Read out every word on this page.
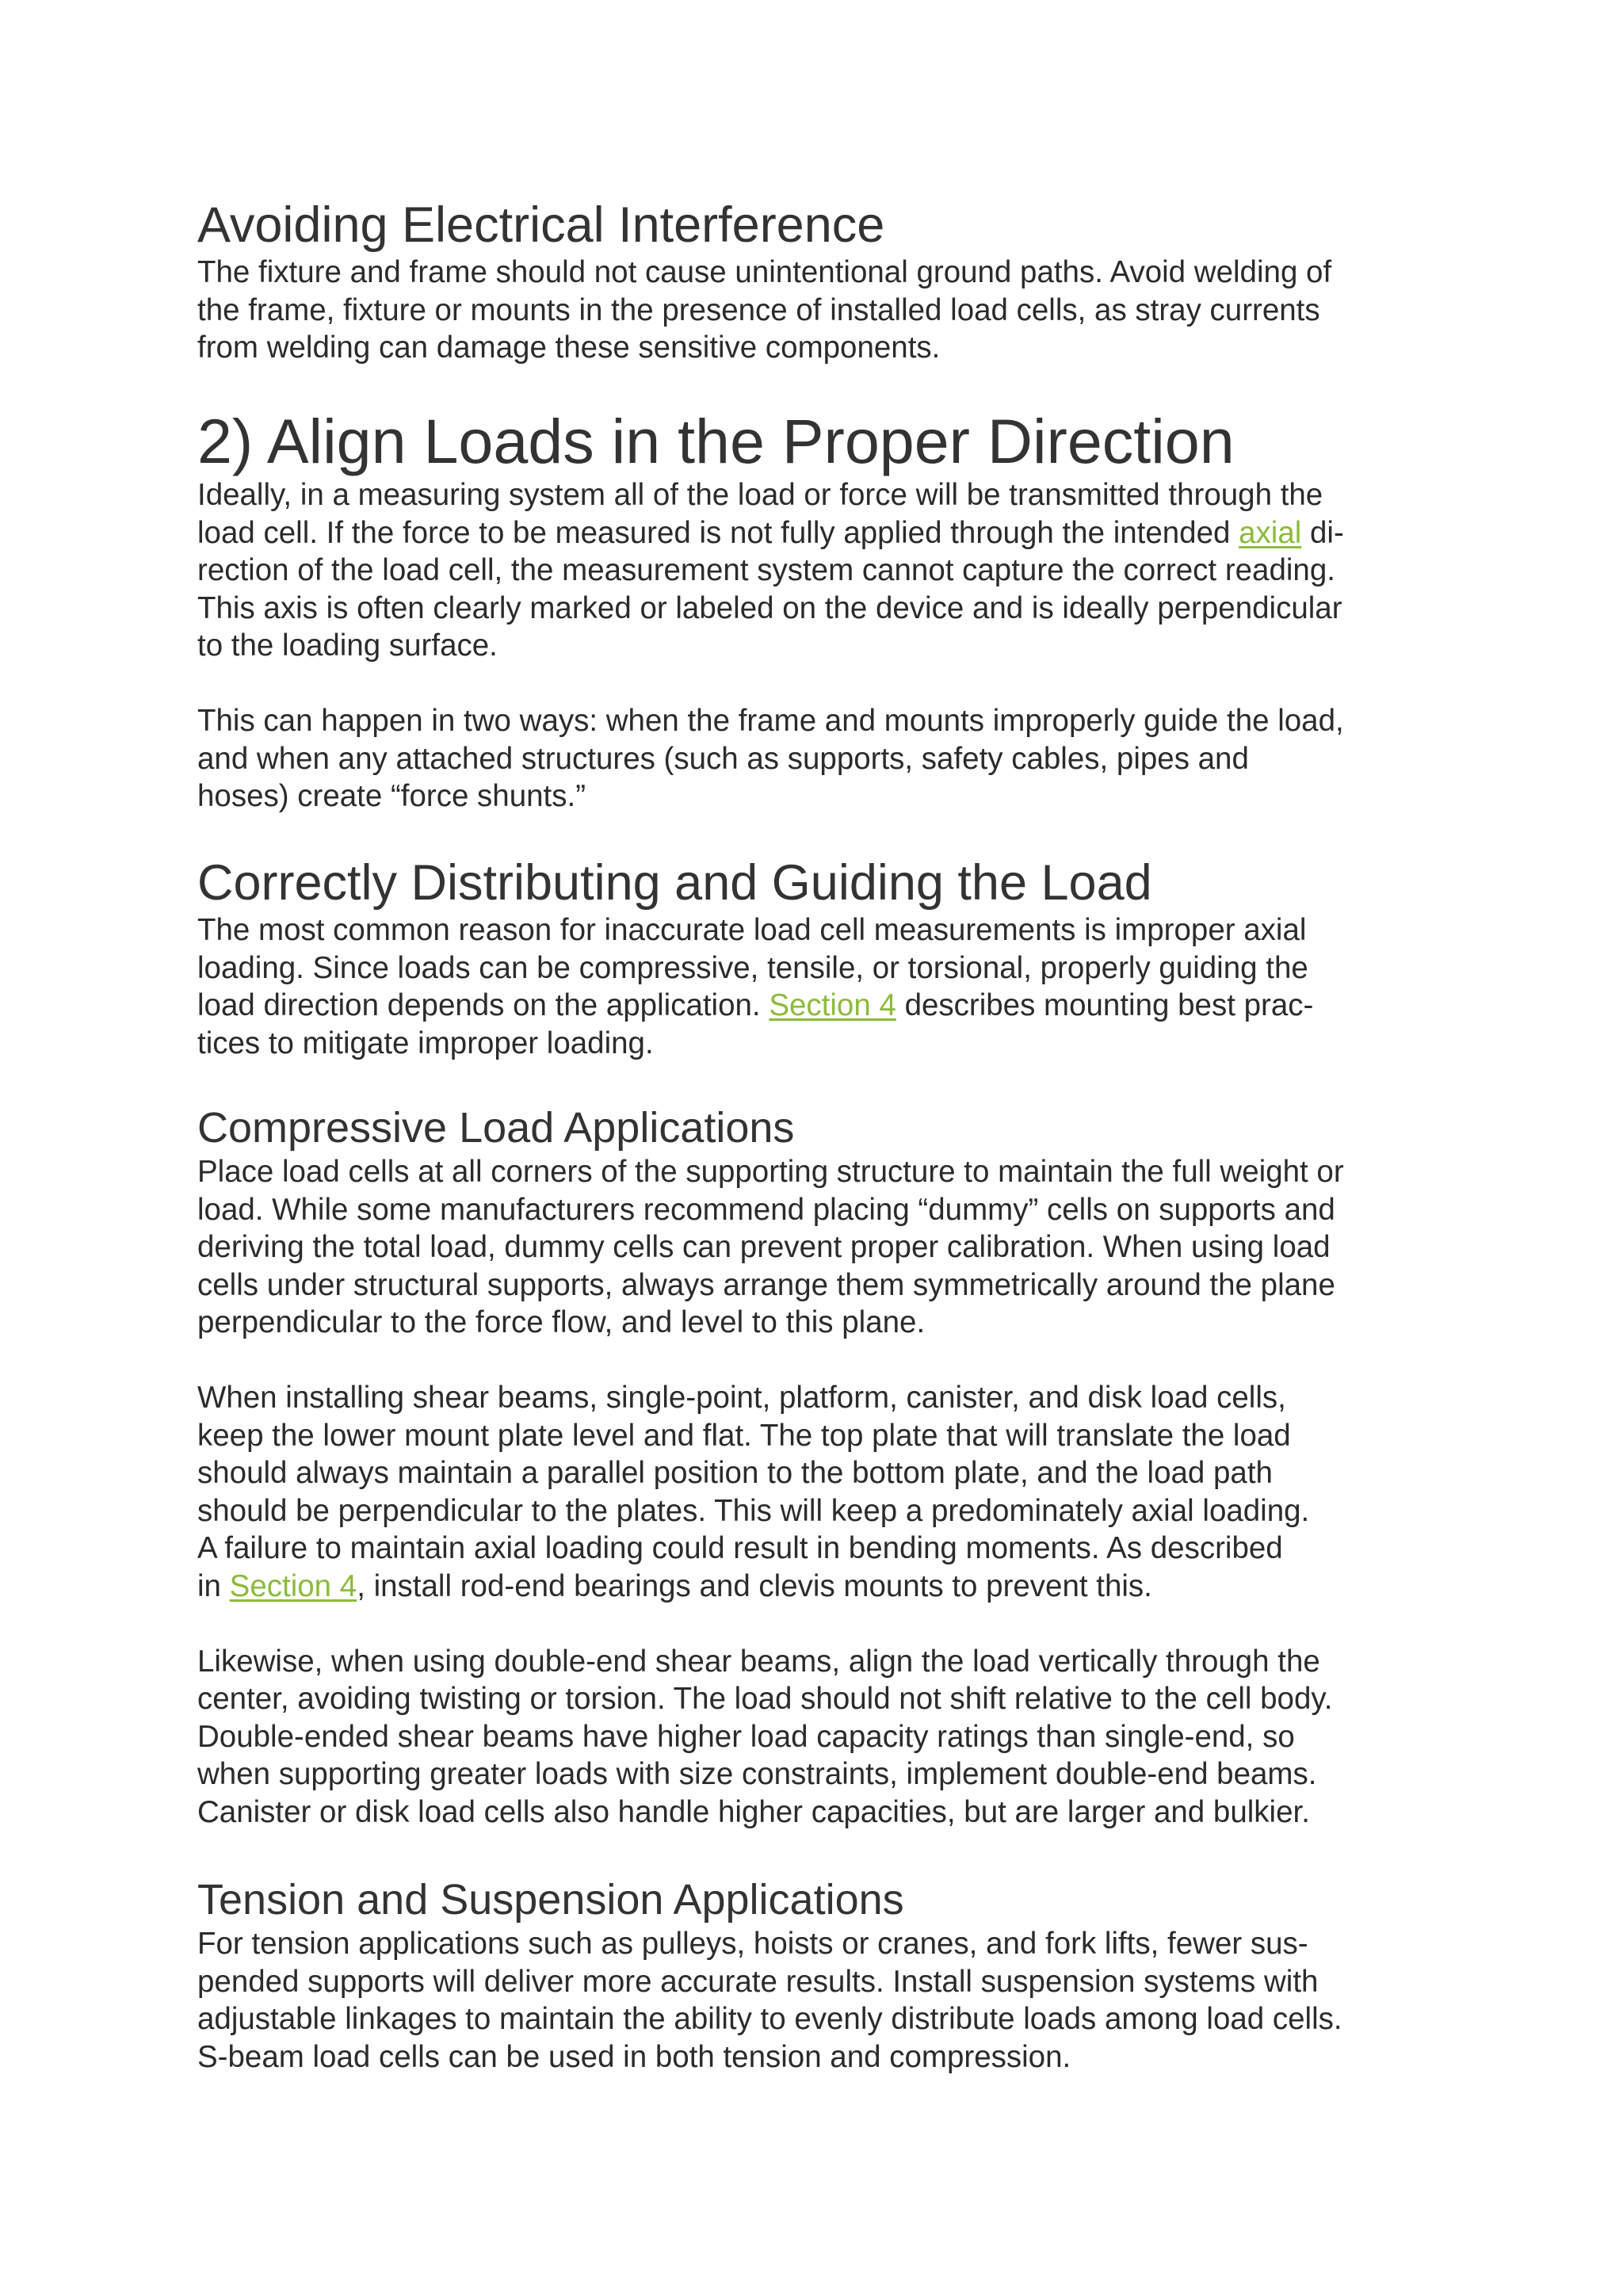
Avoiding Electrical Interference
The fixture and frame should not cause unintentional ground paths. Avoid welding of
the frame, fixture or mounts in the presence of installed load cells, as stray currents
from welding can damage these sensitive components.
2) Align Loads in the Proper Direction
Ideally, in a measuring system all of the load or force will be transmitted through the
load cell. If the force to be measured is not fully applied through the intended axial di-
rection of the load cell, the measurement system cannot capture the correct reading.
This axis is often clearly marked or labeled on the device and is ideally perpendicular
to the loading surface.
This can happen in two ways: when the frame and mounts improperly guide the load,
and when any attached structures (such as supports, safety cables, pipes and
hoses) create “force shunts.”
Correctly Distributing and Guiding the Load
The most common reason for inaccurate load cell measurements is improper axial
loading. Since loads can be compressive, tensile, or torsional, properly guiding the
load direction depends on the application. Section 4 describes mounting best prac-
tices to mitigate improper loading.
Compressive Load Applications
Place load cells at all corners of the supporting structure to maintain the full weight or
load. While some manufacturers recommend placing “dummy” cells on supports and
deriving the total load, dummy cells can prevent proper calibration. When using load
cells under structural supports, always arrange them symmetrically around the plane
perpendicular to the force flow, and level to this plane.
When installing shear beams, single-point, platform, canister, and disk load cells,
keep the lower mount plate level and flat. The top plate that will translate the load
should always maintain a parallel position to the bottom plate, and the load path
should be perpendicular to the plates. This will keep a predominately axial loading.
A failure to maintain axial loading could result in bending moments. As described
in Section 4, install rod-end bearings and clevis mounts to prevent this.
Likewise, when using double-end shear beams, align the load vertically through the
center, avoiding twisting or torsion. The load should not shift relative to the cell body.
Double-ended shear beams have higher load capacity ratings than single-end, so
when supporting greater loads with size constraints, implement double-end beams.
Canister or disk load cells also handle higher capacities, but are larger and bulkier.
Tension and Suspension Applications
For tension applications such as pulleys, hoists or cranes, and fork lifts, fewer sus-
pended supports will deliver more accurate results. Install suspension systems with
adjustable linkages to maintain the ability to evenly distribute loads among load cells.
S-beam load cells can be used in both tension and compression.
